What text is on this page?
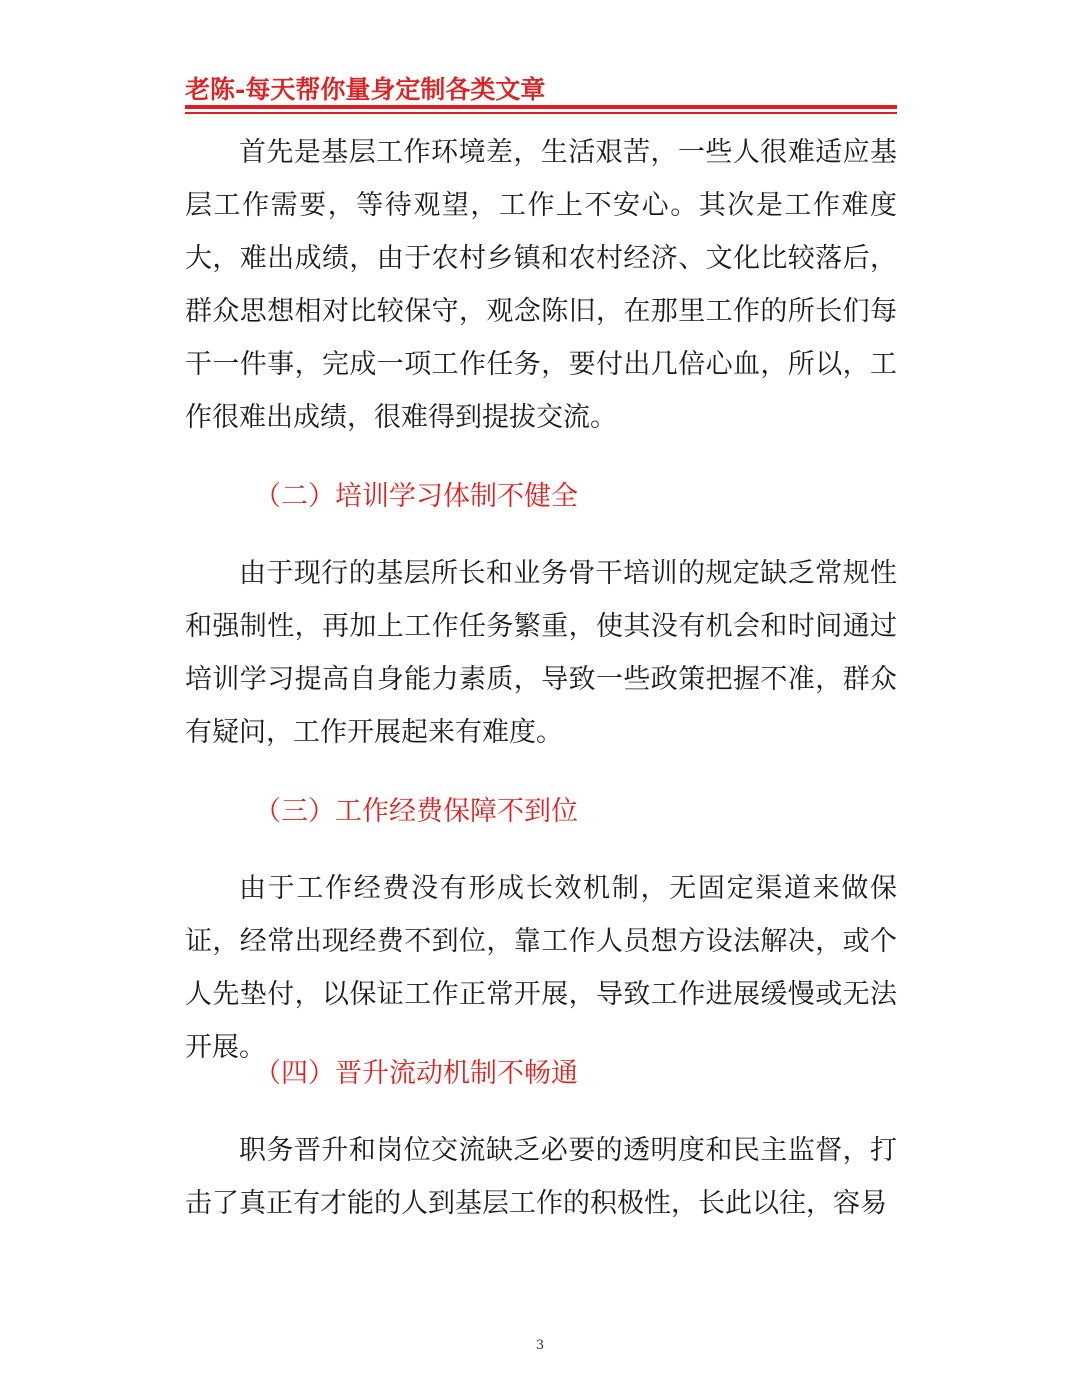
老陈-每天帮你量身定制各类文章

首先是基层工作环境差，生活艰苦，一些人很难适应基层工作需要，等待观望，工作上不安心。其次是工作难度大，难出成绩，由于农村乡镇和农村经济、文化比较落后，群众思想相对比较保守，观念陈旧，在那里工作的所长们每干一件事，完成一项工作任务，要付出几倍心血，所以，工作很难出成绩，很难得到提拔交流。

（二）培训学习体制不健全

由于现行的基层所长和业务骨干培训的规定缺乏常规性和强制性，再加上工作任务繁重，使其没有机会和时间通过培训学习提高自身能力素质，导致一些政策把握不准，群众有疑问，工作开展起来有难度。

（三）工作经费保障不到位

由于工作经费没有形成长效机制，无固定渠道来做保证，经常出现经费不到位，靠工作人员想方设法解决，或个人先垫付，以保证工作正常开展，导致工作进展缓慢或无法开展。

（四）晋升流动机制不畅通

职务晋升和岗位交流缺乏必要的透明度和民主监督，打击了真正有才能的人到基层工作的积极性，长此以往，容易

3
